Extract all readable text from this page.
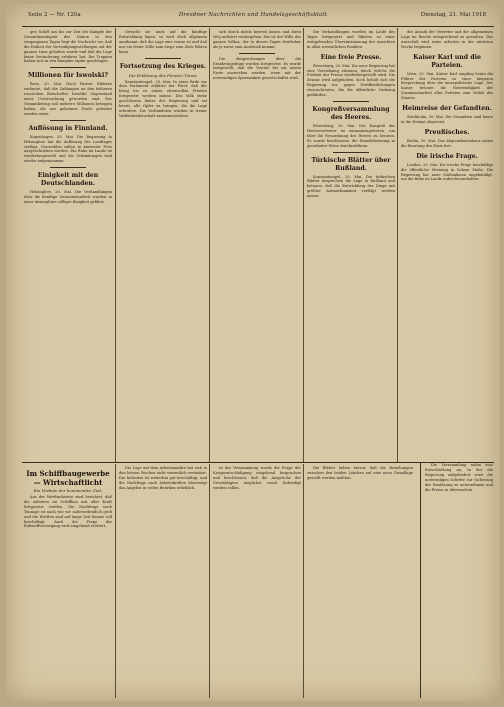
Seite 2 — Nr. 120a	Dresdner Nachrichten und Handelsgeschäftsblatt	Dienstag, 21. Mai 1918

gen Schiff aus bis zur Zeit der Kämpfe der Gesamtkontingent der Nation in den vergangenen Tagen liegt die Nachricht vor, daß die Einheit der Verteidigungsstellungen auf der ganzen Linie gehalten wurde und daß die Lage keine Veränderung erfahren hat. Die Truppen haben sich in den Kämpfen tapfer geschlagen.

Millionen für Iswolski?

Bern, 20. Mai. Nach Pariser Blättern verlautet, daß die Zahlungen an den früheren russischen Botschafter Iswolski Gegenstand einer Untersuchung geworden sind. Der Gesamtbetrag soll mehrere Millionen betragen haben, die aus geheimen Fonds geleistet worden seien.

Auflösung in Finnland.

Kopenhagen, 20. Mai. Die Regierung in Helsingfors hat die Auflösung des Landtages verfügt. Neuwahlen sollen in kürzester Frist ausgeschrieben werden. Die Ruhe im Lande ist wiederhergestellt und die Verbindungen sind wieder aufgenommen.

Einigkeit mit den Deutschlanden.

Helsingfors, 20. Mai. Die Verhandlungen über die künftige Zusammenarbeit wurden in einer Atmosphäre völliger Einigkeit geführt.

Gewicht sie auch auf die künftige Entwicklung legen, so wird doch allgemein anerkannt, daß die Lage eine ernste ist und daß nur ein fester Wille zum Siege zum Ziele führen kann.

Fortsetzung des Krieges.
Die Erklärung des Fürsten Tinow.

Konstantinopel, 20. Mai. In einer Rede vor dem Parlament erklärte der Fürst, daß der Krieg bis zu einem ehrenvollen Frieden fortgesetzt werden müsse. Das Volk stehe geschlossen hinter der Regierung und sei bereit, alle Opfer zu bringen, die die Lage erfordere. Die Verbündeten würden in treuer Waffenbrüderschaft zusammenstehen.

sich durch nichts beirren lassen und ihren Weg unbeirrt weitergehen. Das ist der Wille des ganzen Volkes, der in diesen Tagen deutlicher als je zuvor zum Ausdruck kommt.

Die Besprechungen über die Ernährungsfrage wurden fortgesetzt. Es wurde festgestellt, daß die Vorräte bis zur neuen Ernte ausreichen werden, wenn mit der notwendigen Sparsamkeit gewirtschaftet wird.

Die Verhandlungen wurden im Laufe des Tages fortgesetzt und führten zu einer weitgehenden Übereinstimmung der Ansichten in allen wesentlichen Punkten.

Eine freie Presse.

Petersburg, 20. Mai. Die neue Regierung hat eine Verordnung erlassen, durch welche die Freiheit der Presse wiederhergestellt wird. Die Zensur wird aufgehoben, doch behält sich die Regierung vor, gegen Veröffentlichungen einzuschreiten, die die öffentliche Ordnung gefährden.

Kongreßversammlung des Heeres.

Petersburg, 20. Mai. Der Kongreß der Heeresvertreter ist zusammengetreten, um über die Neuordnung des Heeres zu beraten. Es wurde beschlossen, die Demobilisierung in geordneter Weise durchzuführen.

Türkische Blätter über Rußland.

Konstantinopel, 20. Mai. Die türkischen Blätter besprechen die Lage in Rußland und betonen, daß die Entwicklung der Dinge mit größter Aufmerksamkeit verfolgt werden müsse.

der Anzahl der Vertreter und der allgemeinen Lage im Reiche entsprechend zu gestalten. Der Ausschuß wird seine Arbeiten in der nächsten Woche beginnen.

Kaiser Karl und die Parteien.

Wien, 20. Mai. Kaiser Karl empfing heute die Führer der Parteien zu einer längeren Besprechung über die innerpolitische Lage. Der Kaiser betonte die Notwendigkeit der Zusammenarbeit aller Parteien zum Wohle des Staates.

Heimreise der Gefandten.

Stockholm, 20. Mai. Die Gesandten sind heute in die Heimat abgereist.

Preußisches.

Berlin, 20. Mai. Das Abgeordnetenhaus setzte die Beratung des Etats fort.

Die irische Frage.

London, 20. Mai. Die irische Frage beschäftigt die öffentliche Meinung in hohem Maße. Die Regierung hat neue Maßnahmen angekündigt, um die Ruhe im Lande aufrechtzuerhalten.

Im Schiffbaugewerbe — Wirtschaftlicht
Ein Vorbote der kommenden Zeit.

Aus der Werftindustrie wird berichtet, daß die Arbeiten im Schiffbau mit aller Kraft fortgesetzt werden. Die Nachfrage nach Tonnage ist nach wie vor außerordentlich groß und die Werften sind auf lange Zeit hinaus voll beschäftigt. Auch die Frage der Rohstoffversorgung wird eingehend erörtert.

Die Lage auf dem Arbeitsmarkte hat sich in den letzten Wochen nicht wesentlich verändert. Die Industrie ist weiterhin gut beschäftigt, und die Nachfrage nach Arbeitskräften übersteigt das Angebot in vielen Bezirken erheblich.

In der Versammlung wurde die Frage der Kriegsentschädigung eingehend besprochen und beschlossen, daß die Ansprüche der Geschädigten möglichst rasch befriedigt werden sollen.

Die Blätter heben hervor, daß die Beziehungen zwischen den beiden Ländern auf eine neue Grundlage gestellt werden müßten.

Die Versammlung nahm eine Entschließung an, in der die Regierung aufgefordert wird, die notwendigen Schritte zur Sicherung der Ernährung zu unternehmen und die Preise zu überwachen.
